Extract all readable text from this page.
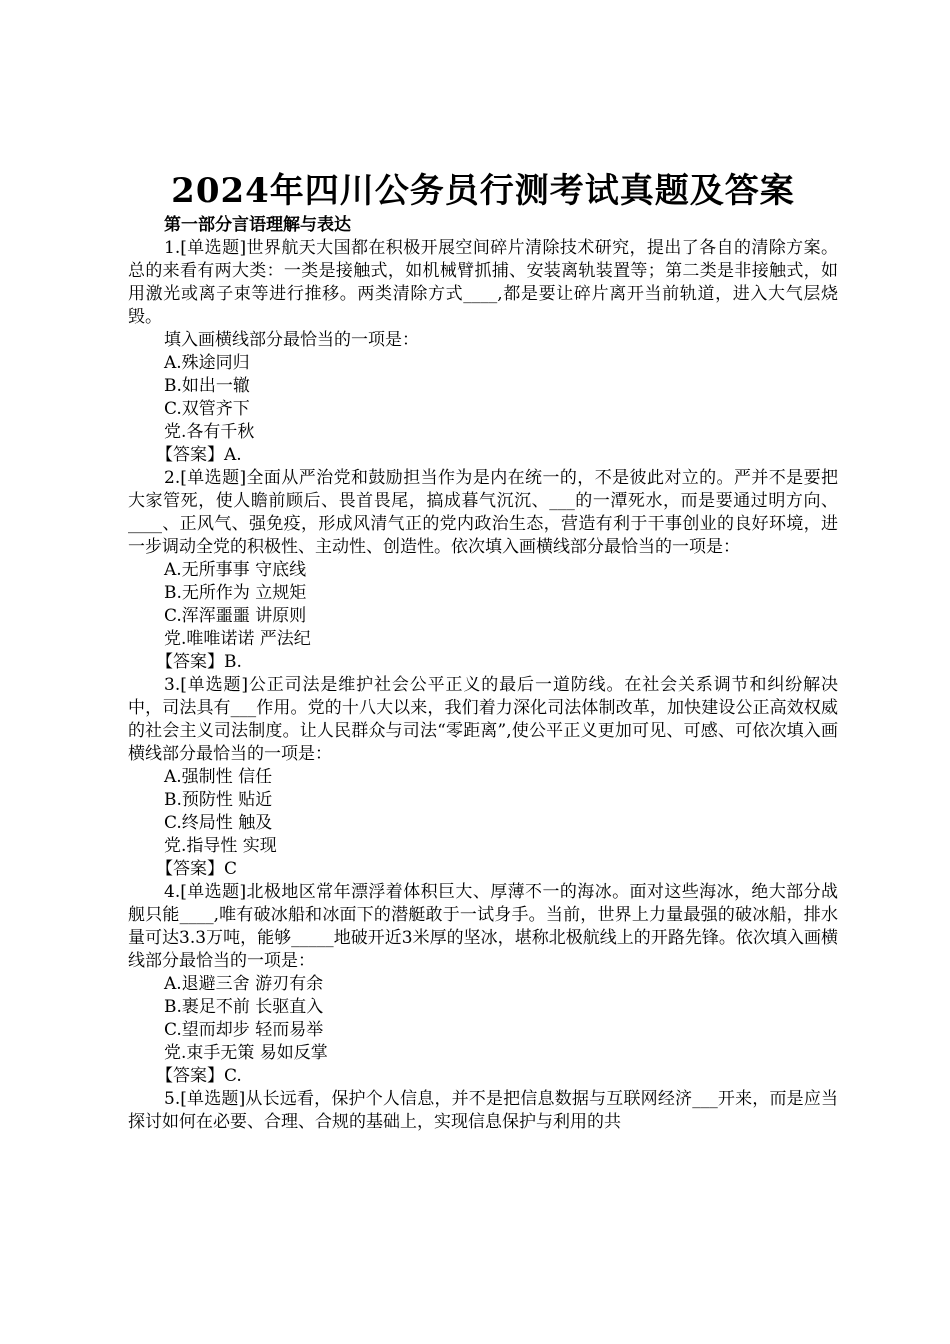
2024年四川公务员行测考试真题及答案
第一部分言语理解与表达

1.[单选题]世界航天大国都在积极开展空间碎片清除技术研究，提出了各自的清除方案。总的来看有两大类：一类是接触式，如机械臂抓捕、安装离轨装置等；第二类是非接触式，如用激光或离子束等进行推移。两类清除方式____,都是要让碎片离开当前轨道，进入大气层烧毁。

填入画横线部分最恰当的一项是：
A.殊途同归
B.如出一辙
C.双管齐下
党.各有千秋
【答案】A.

2.[单选题]全面从严治党和鼓励担当作为是内在统一的，不是彼此对立的。严并不是要把大家管死，使人瞻前顾后、畏首畏尾，搞成暮气沉沉、___的一潭死水，而是要通过明方向、____、正风气、强免疫，形成风清气正的党内政治生态，营造有利于干事创业的良好环境，进一步调动全党的积极性、主动性、创造性。依次填入画横线部分最恰当的一项是：

A.无所事事 守底线
B.无所作为 立规矩
C.浑浑噩噩 讲原则
党.唯唯诺诺 严法纪
【答案】B.

3.[单选题]公正司法是维护社会公平正义的最后一道防线。在社会关系调节和纠纷解决中，司法具有___作用。党的十八大以来，我们着力深化司法体制改革，加快建设公正高效权威的社会主义司法制度。让人民群众与司法“零距离”,使公平正义更加可见、可感、可依次填入画横线部分最恰当的一项是：

A.强制性 信任
B.预防性 贴近
C.终局性 触及
党.指导性 实现
【答案】C

4.[单选题]北极地区常年漂浮着体积巨大、厚薄不一的海冰。面对这些海冰，绝大部分战舰只能____,唯有破冰船和冰面下的潜艇敢于一试身手。当前，世界上力量最强的破冰船，排水量可达3.3万吨，能够_____地破开近3米厚的坚冰，堪称北极航线上的开路先锋。依次填入画横线部分最恰当的一项是：

A.退避三舍 游刃有余
B.裹足不前 长驱直入
C.望而却步 轻而易举
党.束手无策 易如反掌
【答案】C.

5.[单选题]从长远看，保护个人信息，并不是把信息数据与互联网经济___开来，而是应当探讨如何在必要、合理、合规的基础上，实现信息保护与利用的共
